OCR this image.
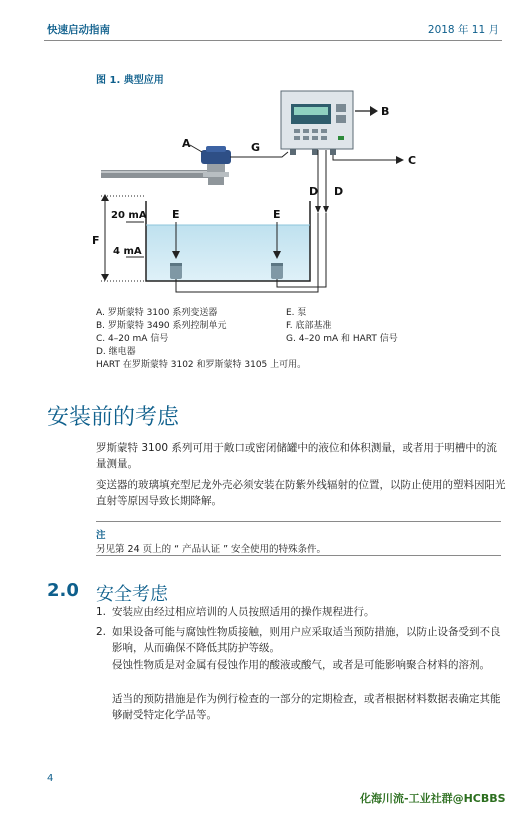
快速启动指南	2018 年 11 月
图 1. 典型应用
A
B
C
D D
E	E
F
G
20 mA
4 mA
A. 罗斯蒙特 3100 系列变送器
B. 罗斯蒙特 3490 系列控制单元
C. 4–20 mA 信号
D. 继电器
E. 泵
F. 底部基准
G. 4–20 mA 和 HART 信号
HART 在罗斯蒙特 3102 和罗斯蒙特 3105 上可用。
安装前的考虑
罗斯蒙特 3100 系列可用于敞口或密闭储罐中的液位和体积测量，或者用于明槽中的流量测量。
变送器的玻璃填充型尼龙外壳必须安装在防紫外线辐射的位置，以防止使用的塑料因阳光直射等原因导致长期降解。
注
另见第 24 页上的 “ 产品认证 ” 安全使用的特殊条件。
2.0 安全考虑
1. 安装应由经过相应培训的人员按照适用的操作规程进行。
2. 如果设备可能与腐蚀性物质接触，则用户应采取适当预防措施，以防止设备受到不良影响，从而确保不降低其防护等级。
侵蚀性物质是对金属有侵蚀作用的酸液或酸气，或者是可能影响聚合材料的溶剂。
适当的预防措施是作为例行检查的一部分的定期检查，或者根据材料数据表确定其能够耐受特定化学品等。
4
化海川流-工业社群@HCBBS
